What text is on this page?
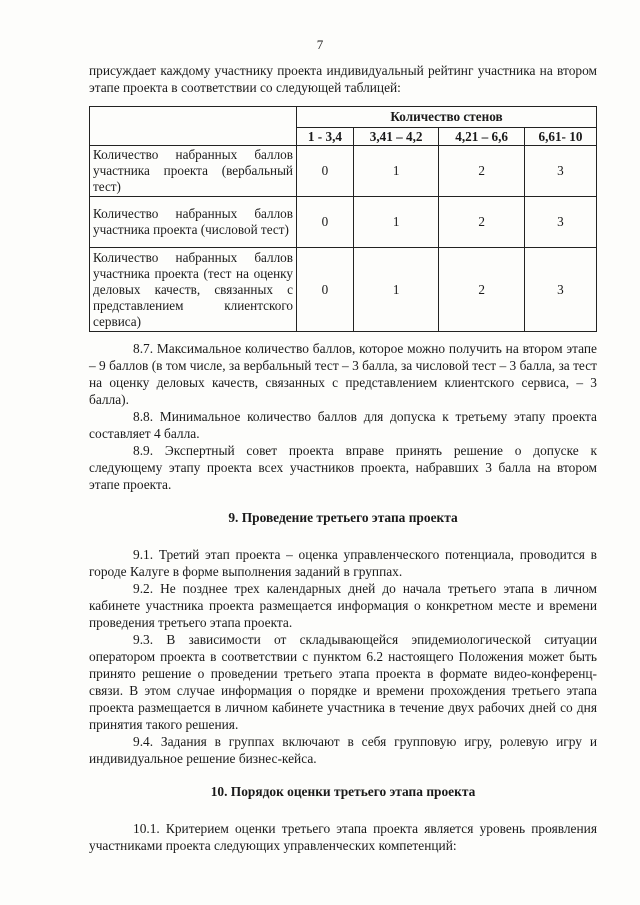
7

присуждает каждому участнику проекта индивидуальный рейтинг участника на втором этапе проекта в соответствии со следующей таблицей:

	Количество стенов			
	1 - 3,4	3,41 – 4,2	4,21 – 6,6	6,61- 10
Количество набранных баллов участника проекта (вербальный тест)	0	1	2	3
Количество набранных баллов участника проекта (числовой тест)	0	1	2	3
Количество набранных баллов участника проекта (тест на оценку деловых качеств, связанных с представлением клиентского сервиса)	0	1	2	3

8.7. Максимальное количество баллов, которое можно получить на втором этапе – 9 баллов (в том числе, за вербальный тест – 3 балла, за числовой тест – 3 балла, за тест на оценку деловых качеств, связанных с представлением клиентского сервиса, – 3 балла).

8.8. Минимальное количество баллов для допуска к третьему этапу проекта составляет 4 балла.

8.9. Экспертный совет проекта вправе принять решение о допуске к следующему этапу проекта всех участников проекта, набравших 3 балла на втором этапе проекта.

9. Проведение третьего этапа проекта

9.1. Третий этап проекта – оценка управленческого потенциала, проводится в городе Калуге в форме выполнения заданий в группах.

9.2. Не позднее трех календарных дней до начала третьего этапа в личном кабинете участника проекта размещается информация о конкретном месте и времени проведения третьего этапа проекта.

9.3. В зависимости от складывающейся эпидемиологической ситуации оператором проекта в соответствии с пунктом 6.2 настоящего Положения может быть принято решение о проведении третьего этапа проекта в формате видео-конференц-связи. В этом случае информация о порядке и времени прохождения третьего этапа проекта размещается в личном кабинете участника в течение двух рабочих дней со дня принятия такого решения.

9.4. Задания в группах включают в себя групповую игру, ролевую игру и индивидуальное решение бизнес-кейса.

10. Порядок оценки третьего этапа проекта

10.1. Критерием оценки третьего этапа проекта является уровень проявления участниками проекта следующих управленческих компетенций:
